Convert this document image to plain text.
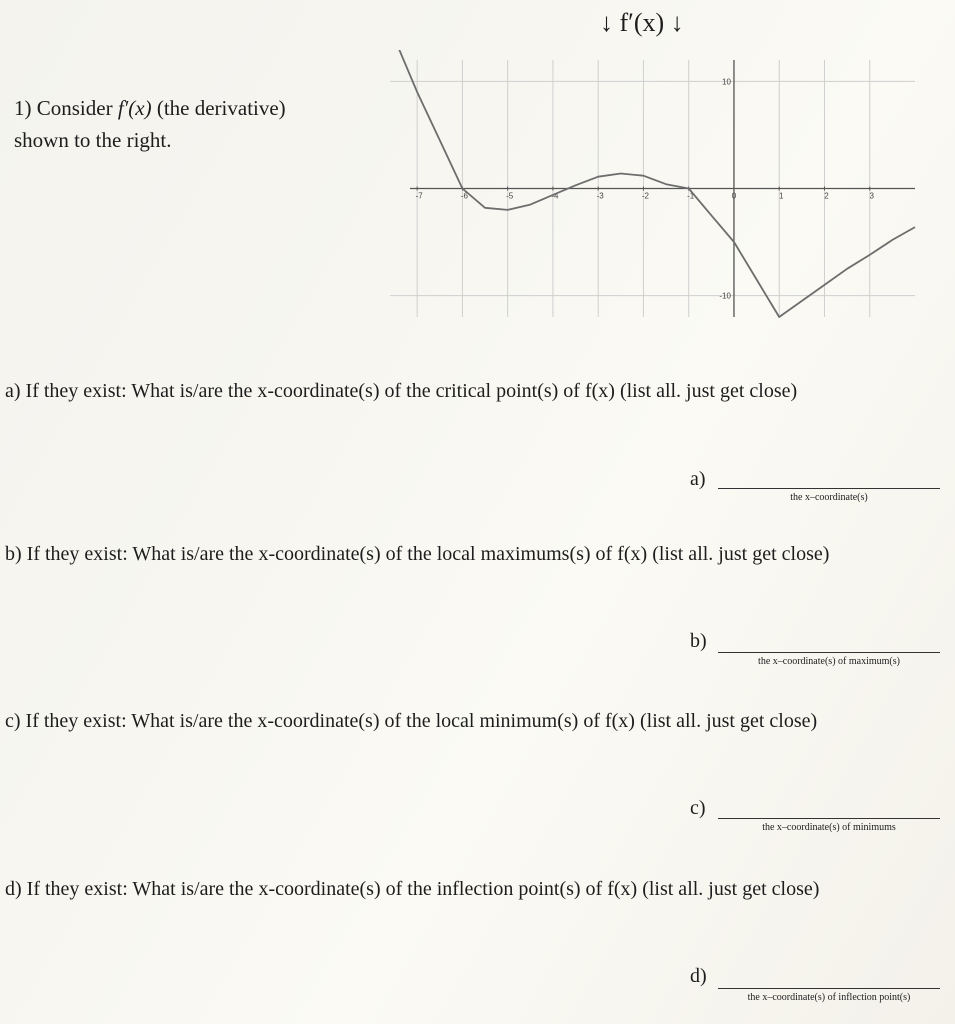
↓ f′(x) ↓
1) Consider f′(x) (the derivative)
shown to the right.
-7	-6	-5	-4	-3	-2	-1	0	1	2	3
10
-10
a) If they exist: What is/are the x-coordinate(s) of the critical point(s) of f(x) (list all. just get close)
a)
the x–coordinate(s)
b) If they exist: What is/are the x-coordinate(s) of the local maximums(s) of f(x) (list all. just get close)
b)
the x–coordinate(s) of maximum(s)
c) If they exist: What is/are the x-coordinate(s) of the local minimum(s) of f(x) (list all. just get close)
c)
the x–coordinate(s) of minimums
d) If they exist: What is/are the x-coordinate(s) of the inflection point(s) of f(x) (list all. just get close)
d)
the x–coordinate(s) of inflection point(s)
